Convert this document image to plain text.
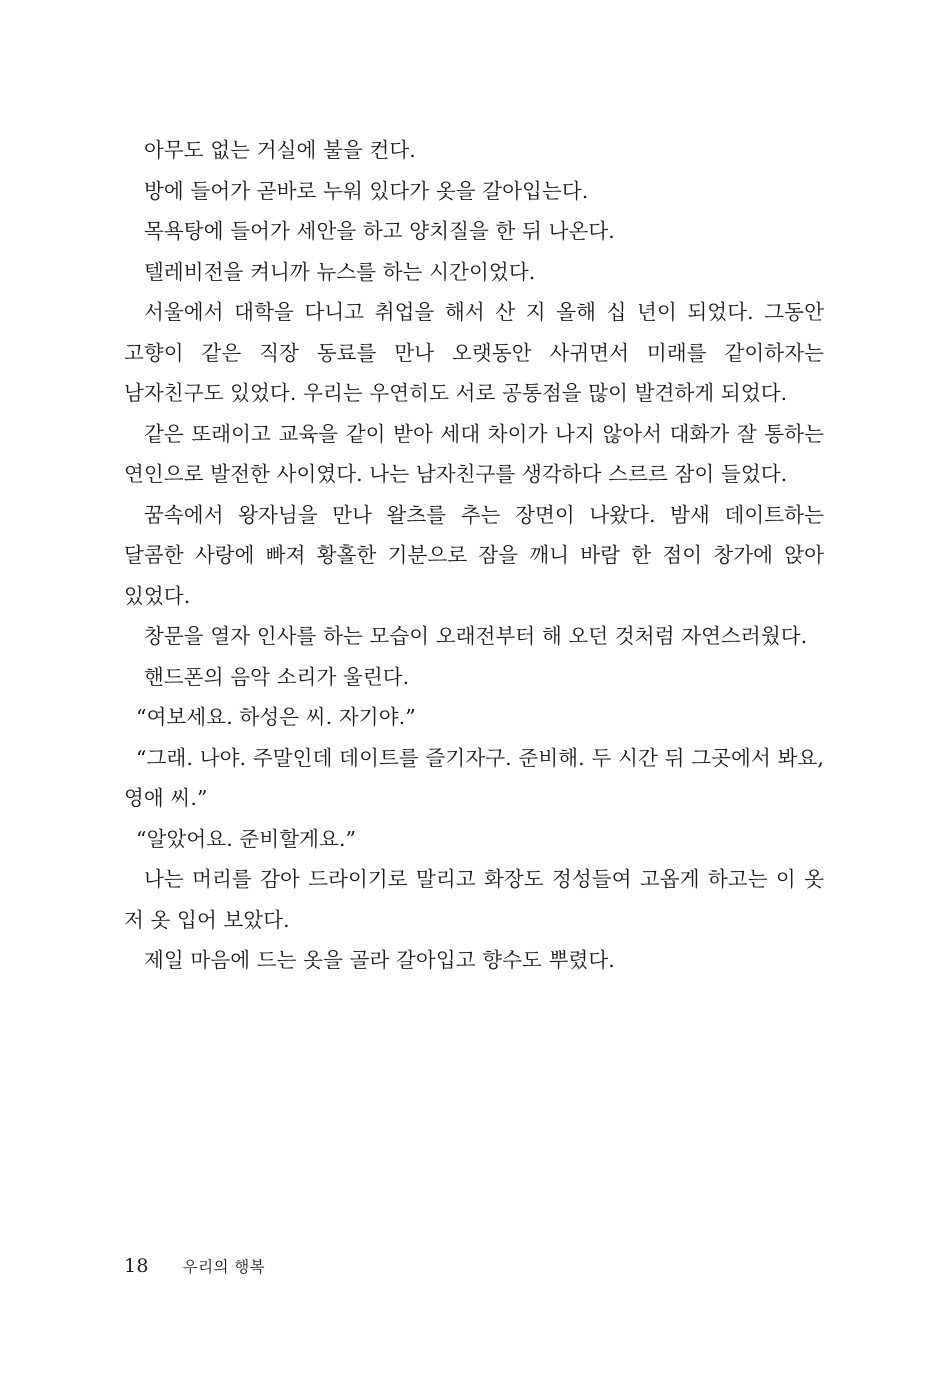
아무도 없는 거실에 불을 컨다.

방에 들어가 곧바로 누워 있다가 옷을 갈아입는다.

목욕탕에 들어가 세안을 하고 양치질을 한 뒤 나온다.

텔레비전을 켜니까 뉴스를 하는 시간이었다.

서울에서 대학을 다니고 취업을 해서 산 지 올해 십 년이 되었다. 그동안 고향이 같은 직장 동료를 만나 오랫동안 사귀면서 미래를 같이하자는 남자친구도 있었다. 우리는 우연히도 서로 공통점을 많이 발견하게 되었다.

같은 또래이고 교육을 같이 받아 세대 차이가 나지 않아서 대화가 잘 통하는 연인으로 발전한 사이였다. 나는 남자친구를 생각하다 스르르 잠이 들었다.

꿈속에서 왕자님을 만나 왈츠를 추는 장면이 나왔다. 밤새 데이트하는 달콤한 사랑에 빠져 황홀한 기분으로 잠을 깨니 바람 한 점이 창가에 앉아 있었다.

창문을 열자 인사를 하는 모습이 오래전부터 해 오던 것처럼 자연스러웠다.

핸드폰의 음악 소리가 울린다.

“여보세요. 하성은 씨. 자기야.”

“그래. 나야. 주말인데 데이트를 즐기자구. 준비해. 두 시간 뒤 그곳에서 봐요, 영애 씨.”

“알았어요. 준비할게요.”

나는 머리를 감아 드라이기로 말리고 화장도 정성들여 고옵게 하고는 이 옷 저 옷 입어 보았다.

제일 마음에 드는 옷을 골라 갈아입고 향수도 뿌렸다.

18 우리의 행복
